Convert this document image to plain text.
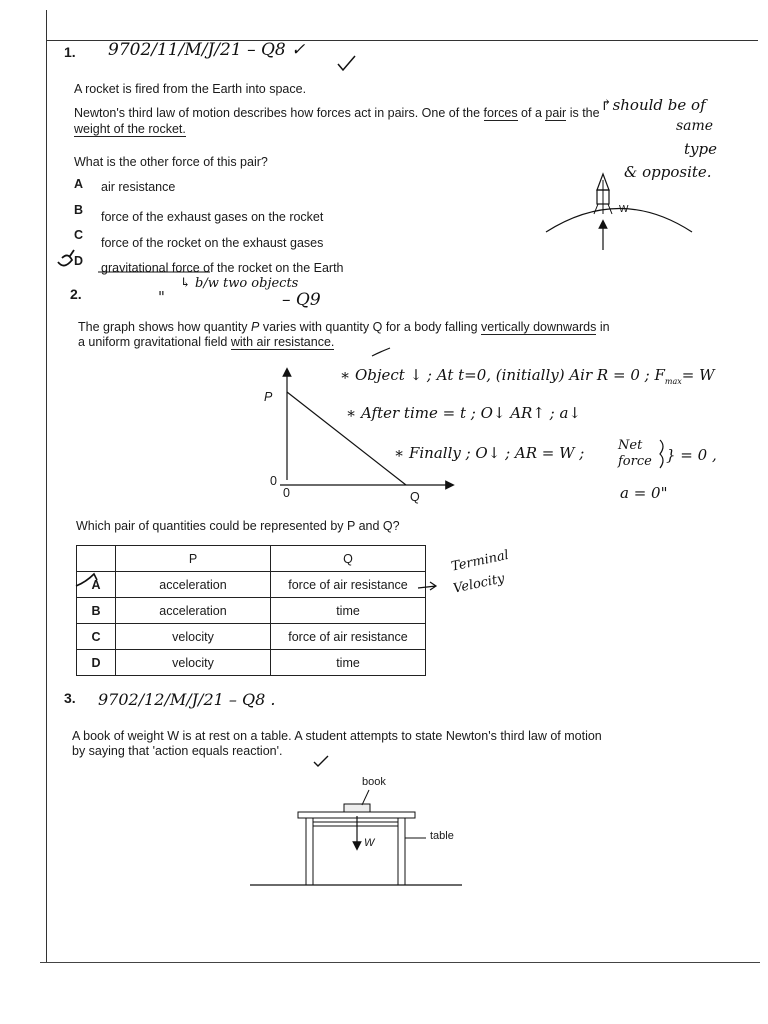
1. 9702/11/M/J/21 – Q8 ✓
A rocket is fired from the Earth into space.
Newton's third law of motion describes how forces act in pairs. One of the forces of a pair is the
weight of the rocket.
What is the other force of this pair?
A air resistance
B force of the exhaust gases on the rocket
C
force of the rocket on the exhaust gases
D gravitational force of the rocket on the Earth
↱should be of
same
type
& opposite.
↳ b/w two objects
W
2.	"	– Q9
The graph shows how quantity P varies with quantity Q for a body falling vertically downwards in
a uniform gravitational field with air resistance.
P
Q
0
0
∗ Object ↓ ; At t=0, (initially) Air R = 0 ; $F_{max}= W$
∗ After time = t ; O↓ AR↑ ; a↓
∗ Finally ; O↓ ; AR = W ;	Net force } = 0 ,
a = 0"
Which pair of quantities could be represented by P and Q?
	P	Q
A	acceleration	force of air resistance
B	acceleration	time
C	velocity	force of air resistance
D	velocity	time
Terminal
Velocity
3. 9702/12/M/J/21 – Q8 .
A book of weight W is at rest on a table. A student attempts to state Newton's third law of motion
by saying that 'action equals reaction'.
book
table
W
